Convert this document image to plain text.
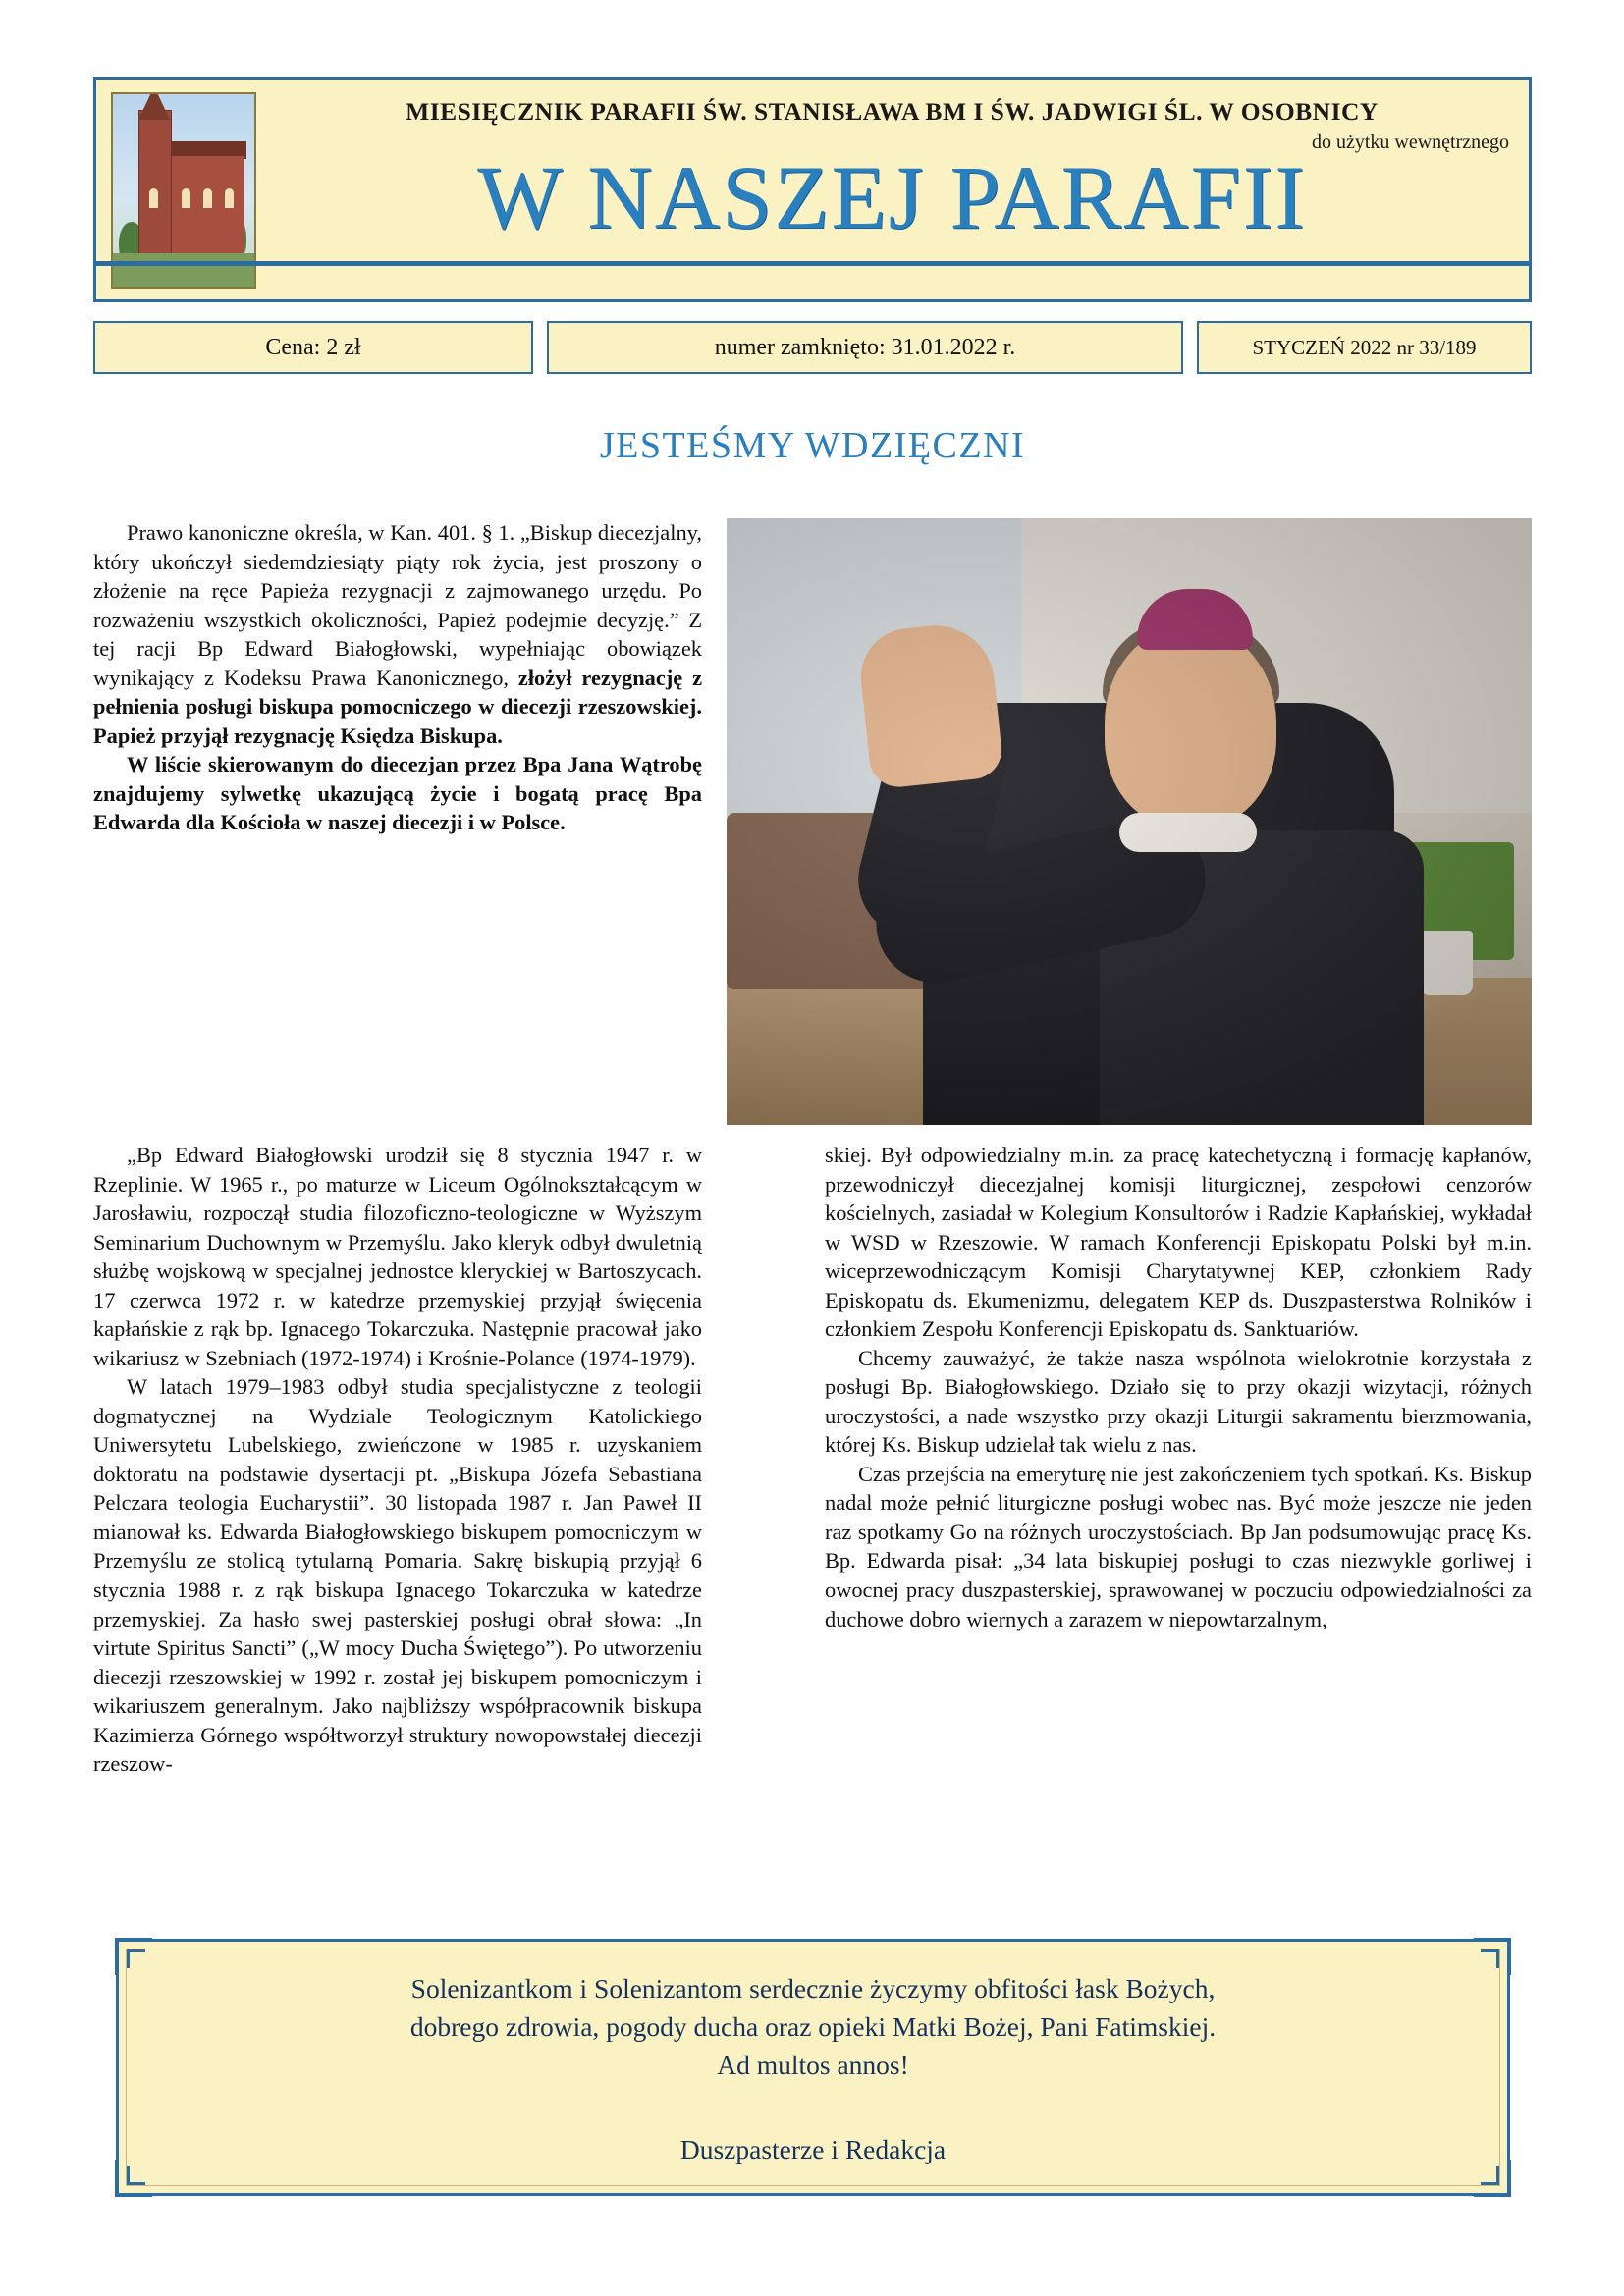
MIESIĘCZNIK PARAFII ŚW. STANISŁAWA BM I ŚW. JADWIGI ŚL. W OSOBNICY
do użytku wewnętrznego
W NASZEJ PARAFII
Cena: 2 zł	numer zamknięto: 31.01.2022 r.	STYCZEŃ 2022 nr 33/189
JESTEŚMY WDZIĘCZNI

Prawo kanoniczne określa, w Kan. 401. § 1. „Biskup diecezjalny, który ukończył siedemdziesiąty piąty rok życia, jest proszony o złożenie na ręce Papieża rezygnacji z zajmowanego urzędu. Po rozważeniu wszystkich okoliczności, Papież podejmie decyzję.” Z tej racji Bp Edward Białogłowski, wypełniając obowiązek wynikający z Kodeksu Prawa Kanonicznego, złożył rezygnację z pełnienia posługi biskupa pomocniczego w diecezji rzeszowskiej. Papież przyjął rezygnację Księdza Biskupa.

W liście skierowanym do diecezjan przez Bpa Jana Wątrobę znajdujemy sylwetkę ukazującą życie i bogatą pracę Bpa Edwarda dla Kościoła w naszej diecezji i w Polsce.

„Bp Edward Białogłowski urodził się 8 stycznia 1947 r. w Rzeplinie. W 1965 r., po maturze w Liceum Ogólnokształcącym w Jarosławiu, rozpoczął studia filozoficzno-teologiczne w Wyższym Seminarium Duchownym w Przemyślu. Jako kleryk odbył dwuletnią służbę wojskową w specjalnej jednostce kleryckiej w Bartoszycach. 17 czerwca 1972 r. w katedrze przemyskiej przyjął święcenia kapłańskie z rąk bp. Ignacego Tokarczuka. Następnie pracował jako wikariusz w Szebniach (1972-1974) i Krośnie-Polance (1974-1979).

W latach 1979–1983 odbył studia specjalistyczne z teologii dogmatycznej na Wydziale Teologicznym Katolickiego Uniwersytetu Lubelskiego, zwieńczone w 1985 r. uzyskaniem doktoratu na podstawie dysertacji pt. „Biskupa Józefa Sebastiana Pelczara teologia Eucharystii”. 30 listopada 1987 r. Jan Paweł II mianował ks. Edwarda Białogłowskiego biskupem pomocniczym w Przemyślu ze stolicą tytularną Pomaria. Sakrę biskupią przyjął 6 stycznia 1988 r. z rąk biskupa Ignacego Tokarczuka w katedrze przemyskiej. Za hasło swej pasterskiej posługi obrał słowa: „In virtute Spiritus Sancti” („W mocy Ducha Świętego”). Po utworzeniu diecezji rzeszowskiej w 1992 r. został jej biskupem pomocniczym i wikariuszem generalnym. Jako najbliższy współpracownik biskupa Kazimierza Górnego współtworzył struktury nowopowstałej diecezji rzeszow-

skiej. Był odpowiedzialny m.in. za pracę katechetyczną i formację kapłanów, przewodniczył diecezjalnej komisji liturgicznej, zespołowi cenzorów kościelnych, zasiadał w Kolegium Konsultorów i Radzie Kapłańskiej, wykładał w WSD w Rzeszowie. W ramach Konferencji Episkopatu Polski był m.in. wiceprzewodniczącym Komisji Charytatywnej KEP, członkiem Rady Episkopatu ds. Ekumenizmu, delegatem KEP ds. Duszpasterstwa Rolników i członkiem Zespołu Konferencji Episkopatu ds. Sanktuariów.

Chcemy zauważyć, że także nasza wspólnota wielokrotnie korzystała z posługi Bp. Białogłowskiego. Działo się to przy okazji wizytacji, różnych uroczystości, a nade wszystko przy okazji Liturgii sakramentu bierzmowania, której Ks. Biskup udzielał tak wielu z nas.

Czas przejścia na emeryturę nie jest zakończeniem tych spotkań. Ks. Biskup nadal może pełnić liturgiczne posługi wobec nas. Być może jeszcze nie jeden raz spotkamy Go na różnych uroczystościach. Bp Jan podsumowując pracę Ks. Bp. Edwarda pisał: „34 lata biskupiej posługi to czas niezwykle gorliwej i owocnej pracy duszpasterskiej, sprawowanej w poczuciu odpowiedzialności za duchowe dobro wiernych a zarazem w niepowtarzalnym,

Solenizantkom i Solenizantom serdecznie życzymy obfitości łask Bożych,
dobrego zdrowia, pogody ducha oraz opieki Matki Bożej, Pani Fatimskiej.
Ad multos annos!
Duszpasterze i Redakcja
